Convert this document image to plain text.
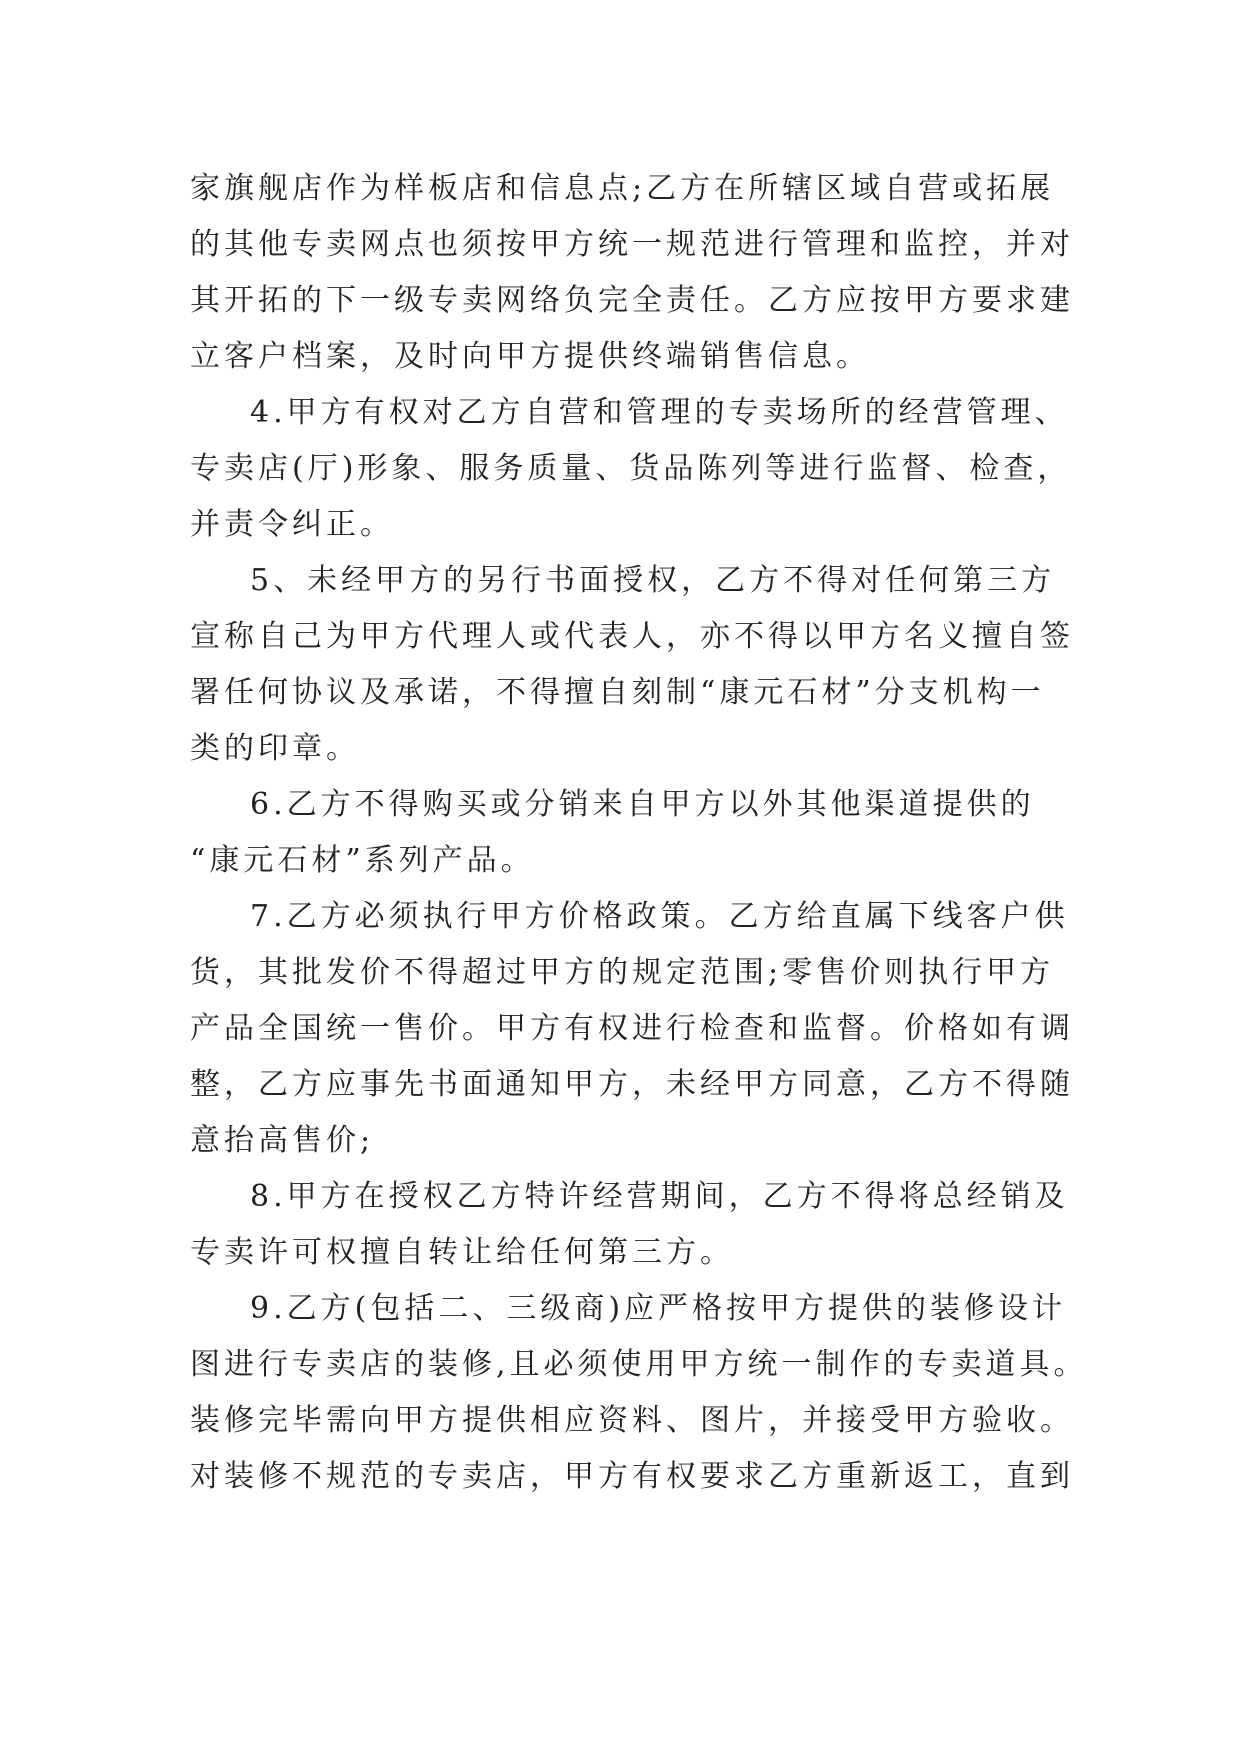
家旗舰店作为样板店和信息点;乙方在所辖区域自营或拓展
的其他专卖网点也须按甲方统一规范进行管理和监控，并对
其开拓的下一级专卖网络负完全责任。乙方应按甲方要求建
立客户档案，及时向甲方提供终端销售信息。
4.甲方有权对乙方自营和管理的专卖场所的经营管理、
专卖店(厅)形象、服务质量、货品陈列等进行监督、检查，
并责令纠正。
5、未经甲方的另行书面授权，乙方不得对任何第三方
宣称自己为甲方代理人或代表人，亦不得以甲方名义擅自签
署任何协议及承诺，不得擅自刻制“康元石材”分支机构一
类的印章。
6.乙方不得购买或分销来自甲方以外其他渠道提供的
“康元石材”系列产品。
7.乙方必须执行甲方价格政策。乙方给直属下线客户供
货，其批发价不得超过甲方的规定范围;零售价则执行甲方
产品全国统一售价。甲方有权进行检查和监督。价格如有调
整，乙方应事先书面通知甲方，未经甲方同意，乙方不得随
意抬高售价;
8.甲方在授权乙方特许经营期间，乙方不得将总经销及
专卖许可权擅自转让给任何第三方。
9.乙方(包括二、三级商)应严格按甲方提供的装修设计
图进行专卖店的装修,且必须使用甲方统一制作的专卖道具。
装修完毕需向甲方提供相应资料、图片，并接受甲方验收。
对装修不规范的专卖店，甲方有权要求乙方重新返工，直到
